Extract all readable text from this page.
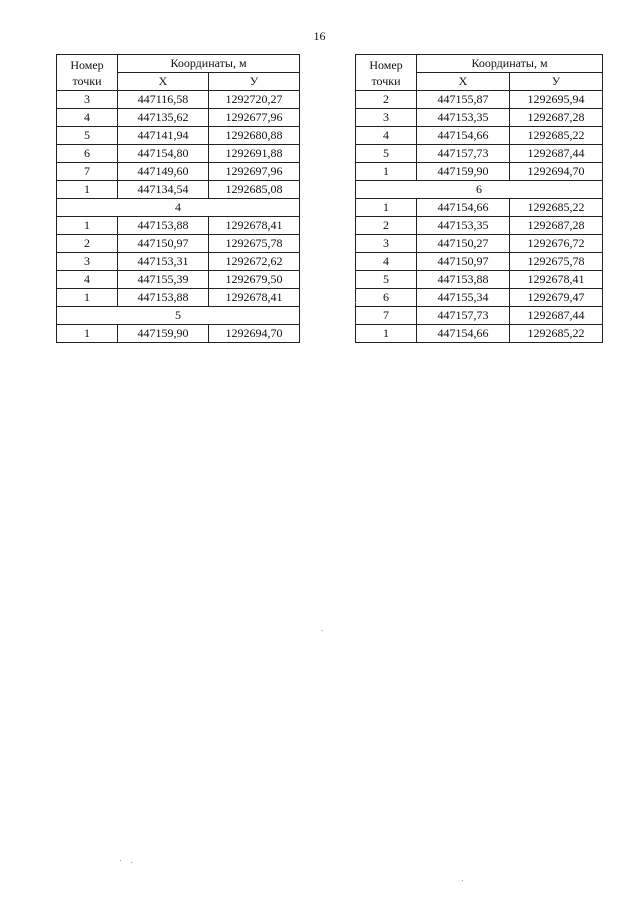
16
Номер
точки	Координаты, м	
	X	У
3	447116,58	1292720,27
4	447135,62	1292677,96
5	447141,94	1292680,88
6	447154,80	1292691,88
7	447149,60	1292697,96
1	447134,54	1292685,08
4		
1	447153,88	1292678,41
2	447150,97	1292675,78
3	447153,31	1292672,62
4	447155,39	1292679,50
1	447153,88	1292678,41
5		
1	447159,90	1292694,70
Номер
точки	Координаты, м	
	X	У
2	447155,87	1292695,94
3	447153,35	1292687,28
4	447154,66	1292685,22
5	447157,73	1292687,44
1	447159,90	1292694,70
6		
1	447154,66	1292685,22
2	447153,35	1292687,28
3	447150,27	1292676,72
4	447150,97	1292675,78
5	447153,88	1292678,41
6	447155,34	1292679,47
7	447157,73	1292687,44
1	447154,66	1292685,22
